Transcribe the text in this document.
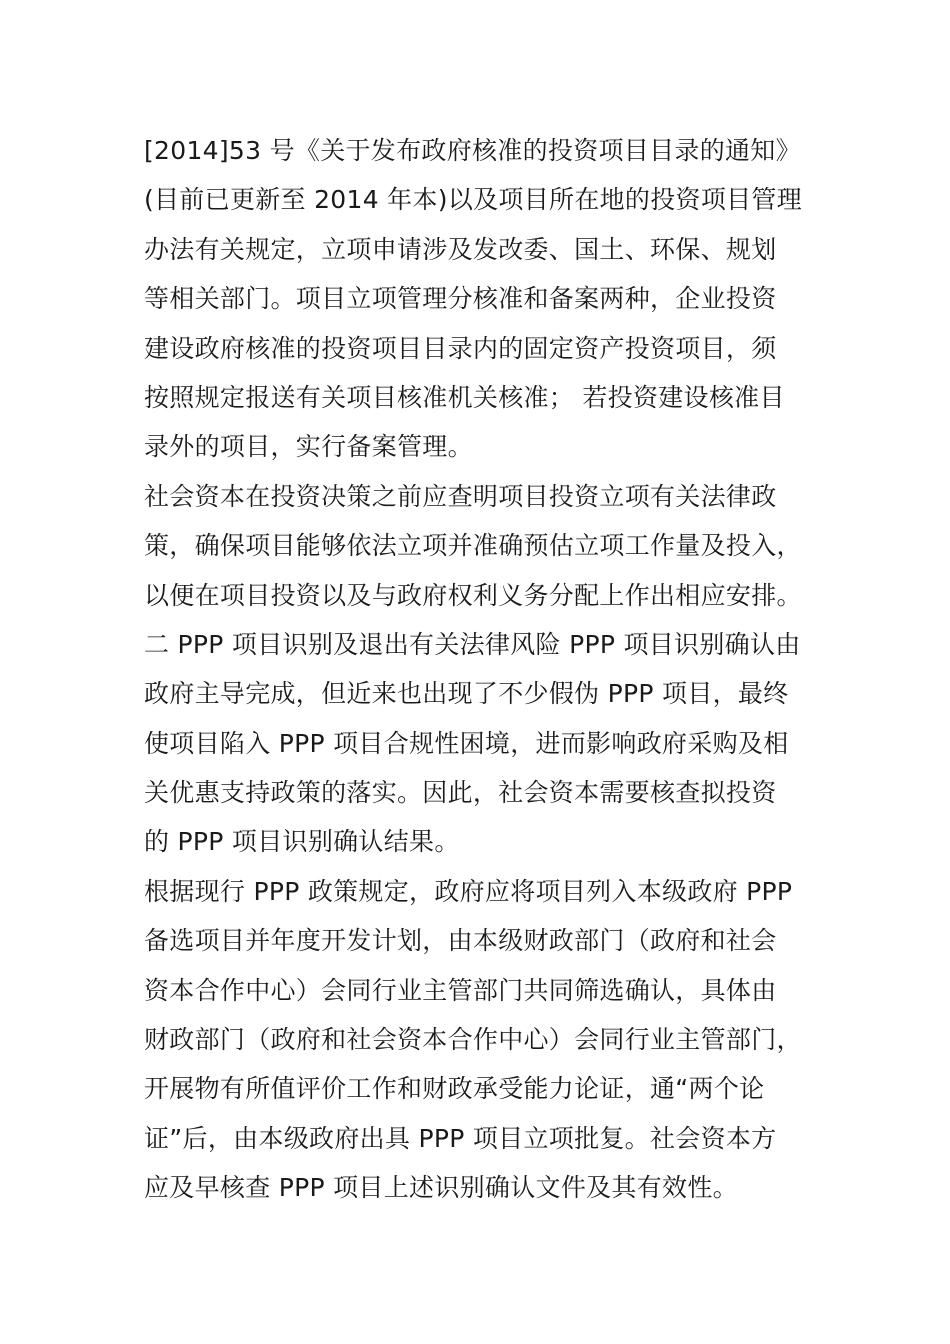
[2014]53 号《关于发布政府核准的投资项目目录的通知》
(目前已更新至 2014 年本)以及项目所在地的投资项目管理
办法有关规定，立项申请涉及发改委、国土、环保、规划
等相关部门。项目立项管理分核准和备案两种，企业投资
建设政府核准的投资项目目录内的固定资产投资项目，须
按照规定报送有关项目核准机关核准； 若投资建设核准目
录外的项目，实行备案管理。
社会资本在投资决策之前应查明项目投资立项有关法律政
策，确保项目能够依法立项并准确预估立项工作量及投入，
以便在项目投资以及与政府权利义务分配上作出相应安排。
二 PPP 项目识别及退出有关法律风险 PPP 项目识别确认由
政府主导完成，但近来也出现了不少假伪 PPP 项目，最终
使项目陷入 PPP 项目合规性困境，进而影响政府采购及相
关优惠支持政策的落实。因此，社会资本需要核查拟投资
的 PPP 项目识别确认结果。
根据现行 PPP 政策规定，政府应将项目列入本级政府 PPP
备选项目并年度开发计划，由本级财政部门（政府和社会
资本合作中心）会同行业主管部门共同筛选确认，具体由
财政部门（政府和社会资本合作中心）会同行业主管部门，
开展物有所值评价工作和财政承受能力论证，通“两个论
证”后，由本级政府出具 PPP 项目立项批复。社会资本方
应及早核查 PPP 项目上述识别确认文件及其有效性。
